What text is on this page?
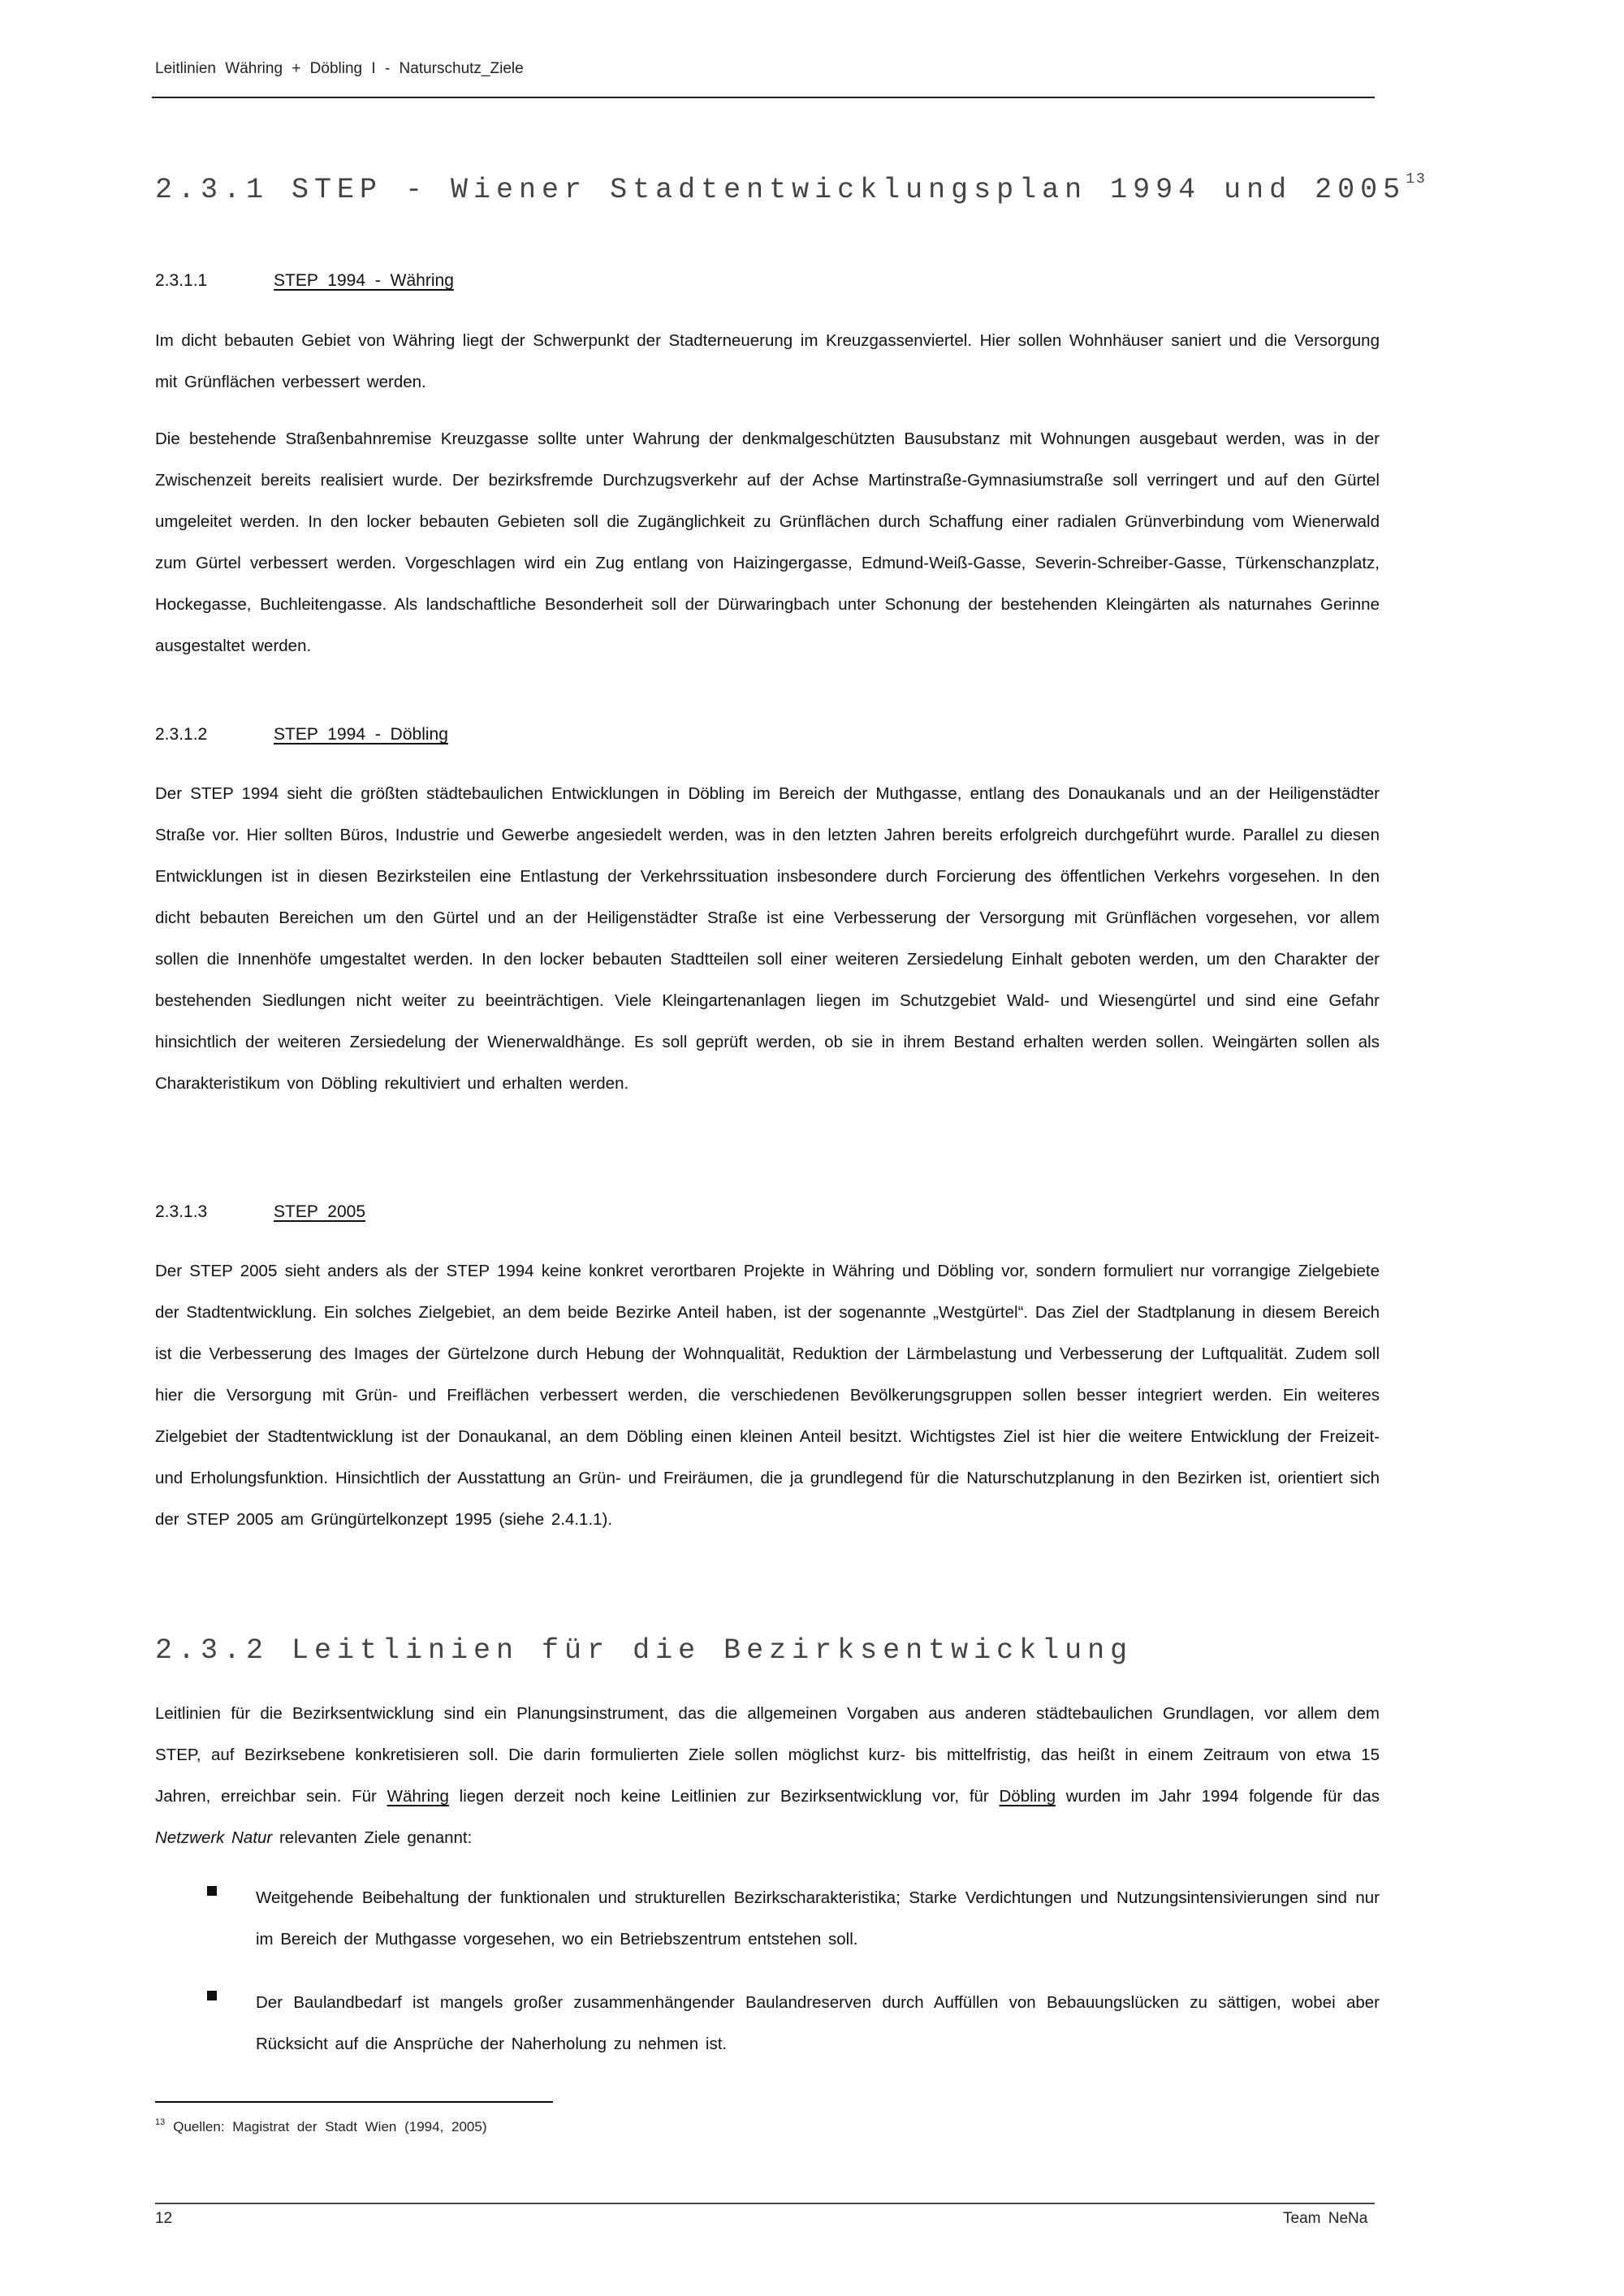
Leitlinien Währing + Döbling I - Naturschutz_Ziele
2.3.1 STEP - Wiener Stadtentwicklungsplan 1994 und 2005$^{13}$
2.3.1.1	STEP 1994 - Währing
Im dicht bebauten Gebiet von Währing liegt der Schwerpunkt der Stadterneuerung im Kreuzgassenviertel. Hier sollen Wohnhäuser saniert und die Versorgung mit Grünflächen verbessert werden.
Die bestehende Straßenbahnremise Kreuzgasse sollte unter Wahrung der denkmalgeschützten Bausubstanz mit Wohnungen ausgebaut werden, was in der Zwischenzeit bereits realisiert wurde. Der bezirksfremde Durchzugsverkehr auf der Achse Martinstraße-Gymnasiumstraße soll verringert und auf den Gürtel umgeleitet werden. In den locker bebauten Gebieten soll die Zugänglichkeit zu Grünflächen durch Schaffung einer radialen Grünverbindung vom Wienerwald zum Gürtel verbessert werden. Vorgeschlagen wird ein Zug entlang von Haizingergasse, Edmund-Weiß-Gasse, Severin-Schreiber-Gasse, Türkenschanzplatz, Hockegasse, Buchleitengasse. Als landschaftliche Besonderheit soll der Dürwaringbach unter Schonung der bestehenden Kleingärten als naturnahes Gerinne ausgestaltet werden.
2.3.1.2	STEP 1994 - Döbling
Der STEP 1994 sieht die größten städtebaulichen Entwicklungen in Döbling im Bereich der Muthgasse, entlang des Donaukanals und an der Heiligenstädter Straße vor. Hier sollten Büros, Industrie und Gewerbe angesiedelt werden, was in den letzten Jahren bereits erfolgreich durchgeführt wurde. Parallel zu diesen Entwicklungen ist in diesen Bezirksteilen eine Entlastung der Verkehrssituation insbesondere durch Forcierung des öffentlichen Verkehrs vorgesehen. In den dicht bebauten Bereichen um den Gürtel und an der Heiligenstädter Straße ist eine Verbesserung der Versorgung mit Grünflächen vorgesehen, vor allem sollen die Innenhöfe umgestaltet werden. In den locker bebauten Stadtteilen soll einer weiteren Zersiedelung Einhalt geboten werden, um den Charakter der bestehenden Siedlungen nicht weiter zu beeinträchtigen. Viele Kleingartenanlagen liegen im Schutzgebiet Wald- und Wiesengürtel und sind eine Gefahr hinsichtlich der weiteren Zersiedelung der Wienerwaldhänge. Es soll geprüft werden, ob sie in ihrem Bestand erhalten werden sollen. Weingärten sollen als Charakteristikum von Döbling rekultiviert und erhalten werden.
2.3.1.3	STEP 2005
Der STEP 2005 sieht anders als der STEP 1994 keine konkret verortbaren Projekte in Währing und Döbling vor, sondern formuliert nur vorrangige Zielgebiete der Stadtentwicklung. Ein solches Zielgebiet, an dem beide Bezirke Anteil haben, ist der sogenannte „Westgürtel“. Das Ziel der Stadtplanung in diesem Bereich ist die Verbesserung des Images der Gürtelzone durch Hebung der Wohnqualität, Reduktion der Lärmbelastung und Verbesserung der Luftqualität. Zudem soll hier die Versorgung mit Grün- und Freiflächen verbessert werden, die verschiedenen Bevölkerungsgruppen sollen besser integriert werden. Ein weiteres Zielgebiet der Stadtentwicklung ist der Donaukanal, an dem Döbling einen kleinen Anteil besitzt. Wichtigstes Ziel ist hier die weitere Entwicklung der Freizeit- und Erholungsfunktion. Hinsichtlich der Ausstattung an Grün- und Freiräumen, die ja grundlegend für die Naturschutzplanung in den Bezirken ist, orientiert sich der STEP 2005 am Grüngürtelkonzept 1995 (siehe 2.4.1.1).
2.3.2 Leitlinien für die Bezirksentwicklung
Leitlinien für die Bezirksentwicklung sind ein Planungsinstrument, das die allgemeinen Vorgaben aus anderen städtebaulichen Grundlagen, vor allem dem STEP, auf Bezirksebene konkretisieren soll. Die darin formulierten Ziele sollen möglichst kurz- bis mittelfristig, das heißt in einem Zeitraum von etwa 15 Jahren, erreichbar sein. Für Währing liegen derzeit noch keine Leitlinien zur Bezirksentwicklung vor, für Döbling wurden im Jahr 1994 folgende für das Netzwerk Natur relevanten Ziele genannt:
Weitgehende Beibehaltung der funktionalen und strukturellen Bezirkscharakteristika; Starke Verdichtungen und Nutzungsintensivierungen sind nur im Bereich der Muthgasse vorgesehen, wo ein Betriebszentrum entstehen soll.
Der Baulandbedarf ist mangels großer zusammenhängender Baulandreserven durch Auffüllen von Bebauungslücken zu sättigen, wobei aber Rücksicht auf die Ansprüche der Naherholung zu nehmen ist.
$^{13}$ Quellen: Magistrat der Stadt Wien (1994, 2005)
12	Team NeNa
